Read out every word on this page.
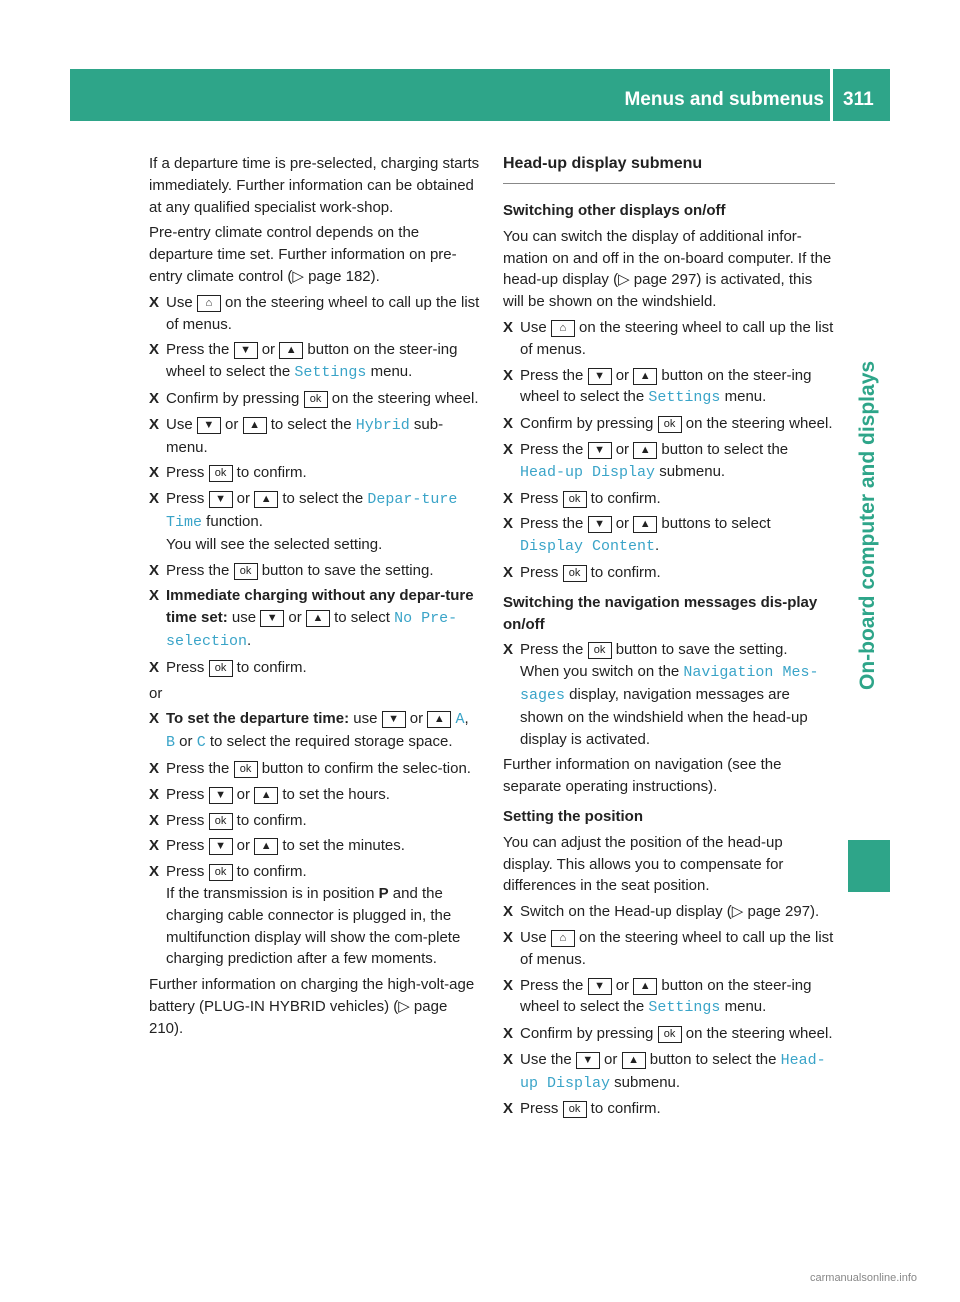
Menus and submenus 311
On-board computer and displays

If a departure time is pre-selected, charging starts immediately. Further information can be obtained at any qualified specialist work-shop.

Pre-entry climate control depends on the departure time set. Further information on pre-entry climate control (▷ page 182).

X Use ⌂ on the steering wheel to call up the list of menus.
X Press the ▼ or ▲ button on the steer-ing wheel to select the Settings menu.
X Confirm by pressing ok on the steering wheel.
X Use ▼ or ▲ to select the Hybrid sub-menu.
X Press ok to confirm.
X Press ▼ or ▲ to select the Depar‐ture Time function.
You will see the selected setting.
X Press the ok button to save the setting.
X Immediate charging without any depar-ture time set: use ▼ or ▲ to select No Pre-selection.
X Press ok to confirm.

or

X To set the departure time: use ▼ or ▲ A, B or C to select the required storage space.
X Press the ok button to confirm the selec-tion.
X Press ▼ or ▲ to set the hours.
X Press ok to confirm.
X Press ▼ or ▲ to set the minutes.
X Press ok to confirm.
If the transmission is in position P and the charging cable connector is plugged in, the multifunction display will show the com-plete charging prediction after a few moments.

Further information on charging the high-volt-age battery (PLUG-IN HYBRID vehicles) (▷ page 210).

Head-up display submenu
Switching other displays on/off

You can switch the display of additional infor-mation on and off in the on-board computer. If the head-up display (▷ page 297) is activated, this will be shown on the windshield.

X Use ⌂ on the steering wheel to call up the list of menus.
X Press the ▼ or ▲ button on the steer-ing wheel to select the Settings menu.
X Confirm by pressing ok on the steering wheel.
X Press the ▼ or ▲ button to select the Head-up Display submenu.
X Press ok to confirm.
X Press the ▼ or ▲ buttons to select Display Content.
X Press ok to confirm.
Switching the navigation messages dis-play on/off
X Press the ok button to save the setting.
When you switch on the Navigation Mes‐sages display, navigation messages are shown on the windshield when the head-up display is activated.

Further information on navigation (see the separate operating instructions).

Setting the position

You can adjust the position of the head-up display. This allows you to compensate for differences in the seat position.

X Switch on the Head-up display (▷ page 297).
X Use ⌂ on the steering wheel to call up the list of menus.
X Press the ▼ or ▲ button on the steer-ing wheel to select the Settings menu.
X Confirm by pressing ok on the steering wheel.
X Use the ▼ or ▲ button to select the Head-up Display submenu.
X Press ok to confirm.
carmanualsonline.info
